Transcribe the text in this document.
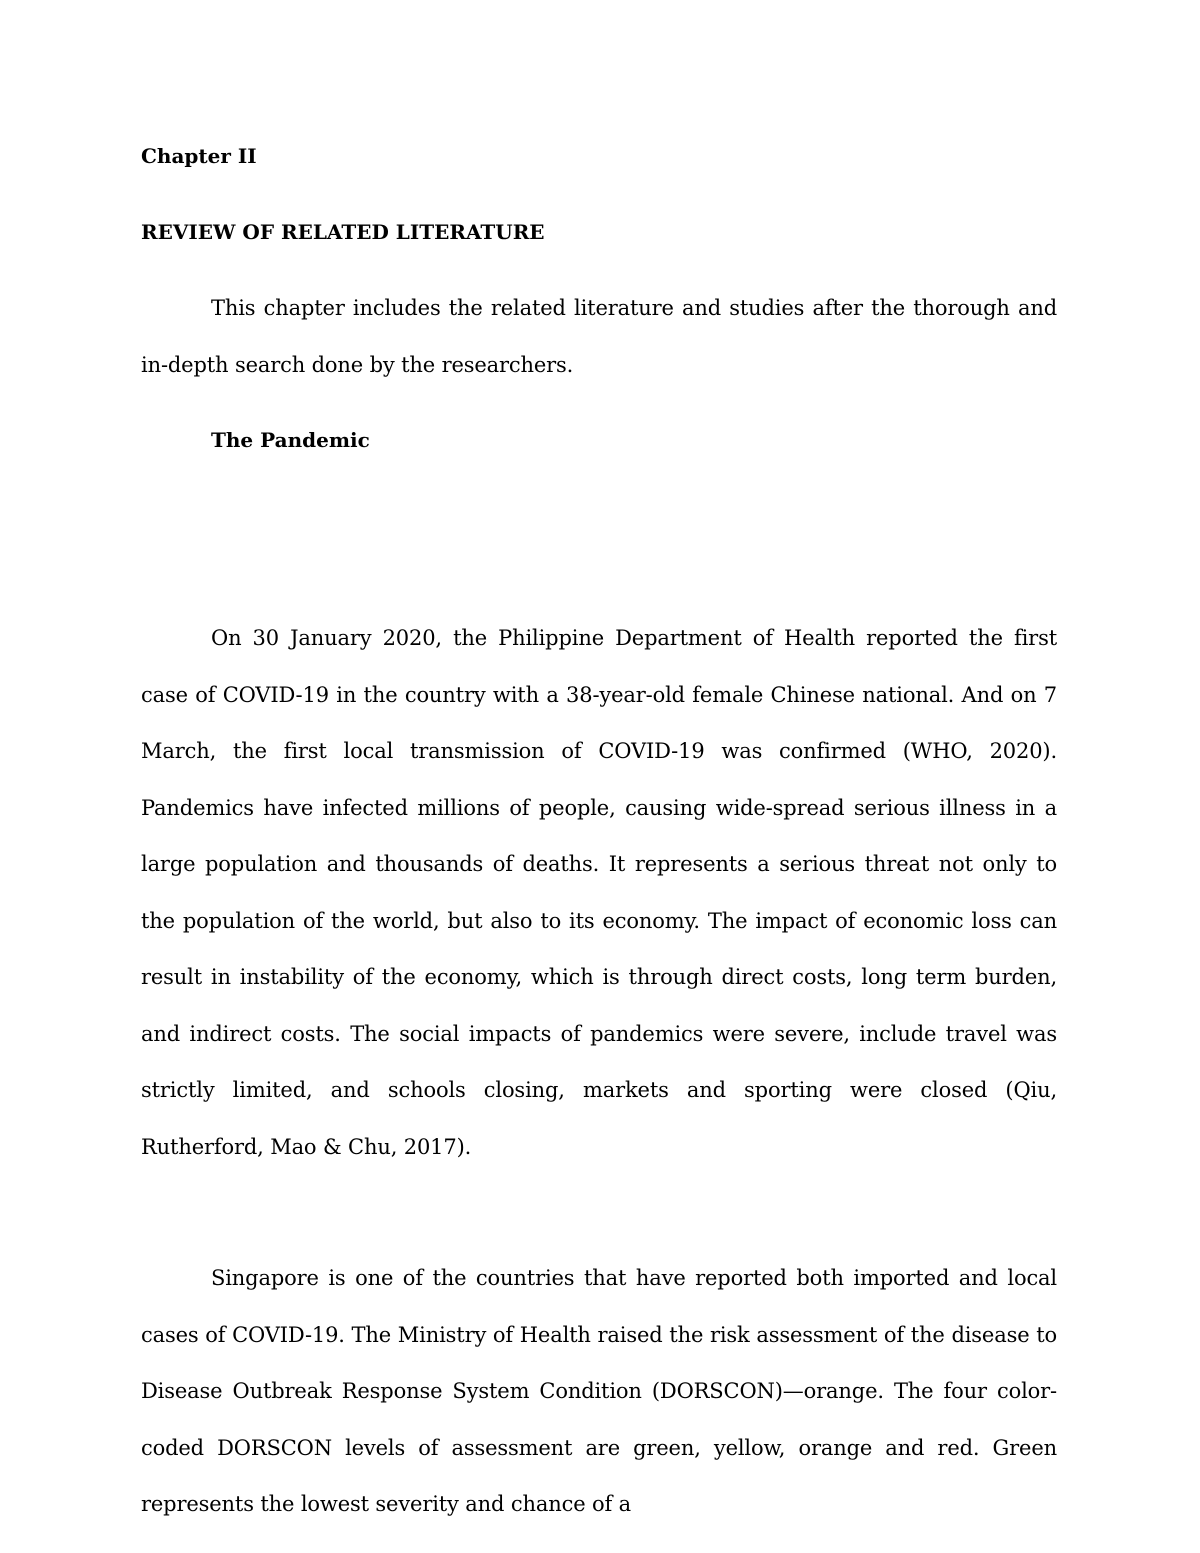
Chapter II
REVIEW OF RELATED LITERATURE

This chapter includes the related literature and studies after the thorough and in-depth search done by the researchers.

The Pandemic

On 30 January 2020, the Philippine Department of Health reported the first case of COVID-19 in the country with a 38-year-old female Chinese national. And on 7 March, the first local transmission of COVID-19 was confirmed (WHO, 2020). Pandemics have infected millions of people, causing wide-spread serious illness in a large population and thousands of deaths. It represents a serious threat not only to the population of the world, but also to its economy. The impact of economic loss can result in instability of the economy, which is through direct costs, long term burden, and indirect costs. The social impacts of pandemics were severe, include travel was strictly limited, and schools closing, markets and sporting were closed (Qiu, Rutherford, Mao & Chu, 2017).

Singapore is one of the countries that have reported both imported and local cases of COVID-19. The Ministry of Health raised the risk assessment of the disease to Disease Outbreak Response System Condition (DORSCON)—orange. The four color-coded DORSCON levels of assessment are green, yellow, orange and red. Green represents the lowest severity and chance of a
